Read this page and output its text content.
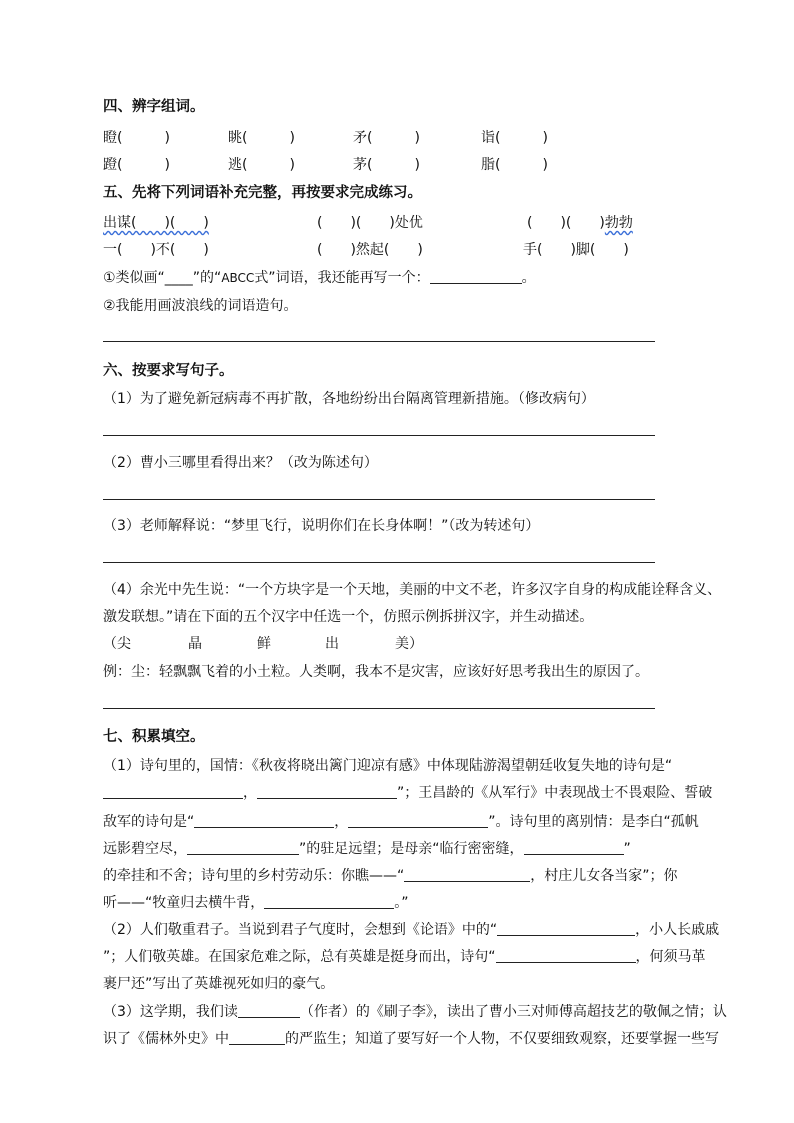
四、辨字组词。
瞪(　　　)	眺(　　　)	矛(　　　)	诣(　　　)
蹬(　　　)	逃(　　　)	茅(　　　)	脂(　　　)
五、先将下列词语补充完整，再按要求完成练习。
出谋(　　)(　　)	(　　)(　　)处优	(　　)(　　)勃勃
一(　　)不(　　)	(　　)然起(　　)	手(　　)脚(　　)
①类似画“____”的“ABCC式”词语，我还能再写一个：	。
②我能用画波浪线的词语造句。
六、按要求写句子。
（1）为了避免新冠病毒不再扩散，各地纷纷出台隔离管理新措施。（修改病句）
（2）曹小三哪里看得出来？（改为陈述句）
（3）老师解释说：“梦里飞行，说明你们在长身体啊！”（改为转述句）
（4）余光中先生说：“一个方块字是一个天地，美丽的中文不老，许多汉字自身的构成能诠释含义、
激发联想。”请在下面的五个汉字中任选一个，仿照示例拆拼汉字，并生动描述。
（尖	晶	鲜	出	美）
例：尘：轻飘飘飞着的小土粒。人类啊，我本不是灾害，应该好好思考我出生的原因了。
七、积累填空。
（1）诗句里的，国情：《秋夜将晓出篱门迎凉有感》中体现陆游渴望朝廷收复失地的诗句是“
，	”；王昌龄的《从军行》中表现战士不畏艰险、誓破
敌军的诗句是“	，	”。诗句里的离别情：是李白“孤帆
远影碧空尽，	”的驻足远望；是母亲“临行密密缝，	”
的牵挂和不舍；诗句里的乡村劳动乐：你瞧——“	，村庄儿女各当家”；你
听——“牧童归去横牛背，	。”
（2）人们敬重君子。当说到君子气度时，会想到《论语》中的“	，小人长戚戚
”；人们敬英雄。在国家危难之际，总有英雄是挺身而出，诗句“	，何须马革
裹尸还”写出了英雄视死如归的豪气。
（3）这学期，我们读	（作者）的《刷子李》，读出了曹小三对师傅高超技艺的敬佩之情；认
识了《儒林外史》中	的严监生；知道了要写好一个人物，不仅要细致观察，还要掌握一些写
